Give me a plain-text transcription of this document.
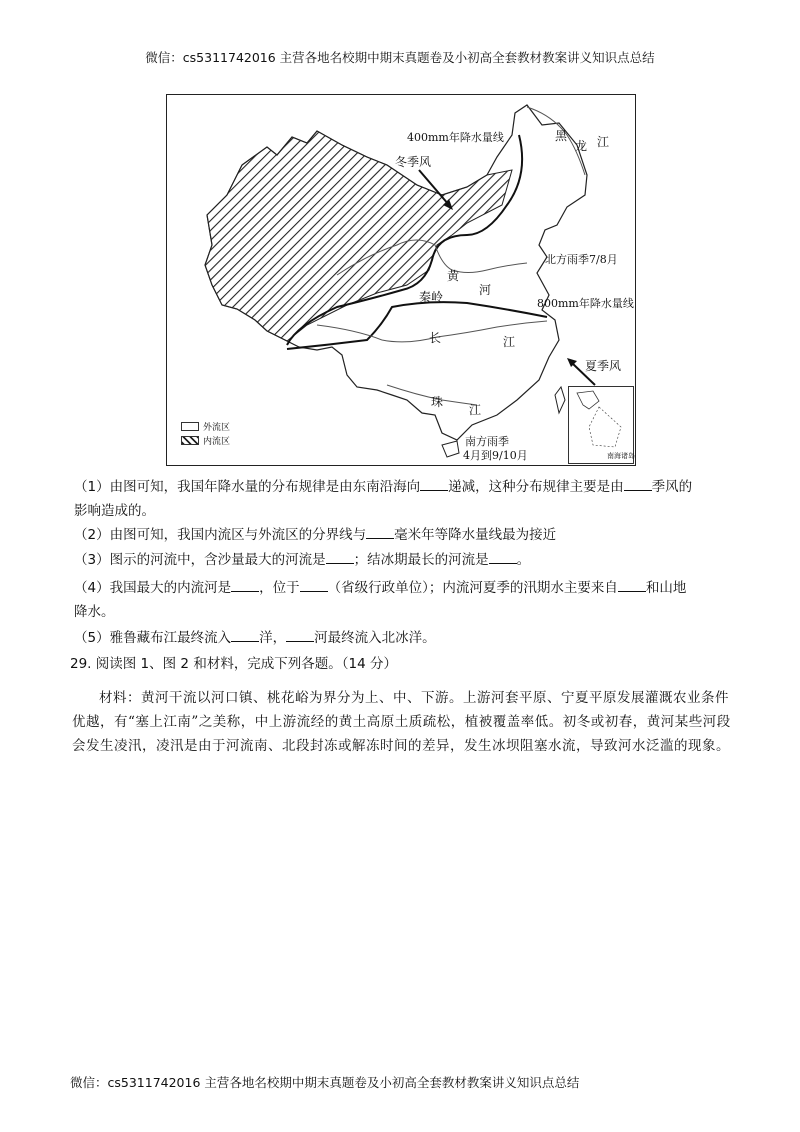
微信：cs5311742016 主营各地名校期中期末真题卷及小初高全套教材教案讲义知识点总结
400mm年降水量线
冬季风
黑
龙 江
北方雨季7/8月
黄
河
秦岭	800mm年降水量线
长	江
夏季风
珠
江
南方雨季
4月到9/10月
外流区
内流区
南海诸岛
（1）由图可知，我国年降水量的分布规律是由东南沿海向 递减，这种分布规律主要是由 季风的
影响造成的。
（2）由图可知，我国内流区与外流区的分界线与 毫米年等降水量线最为接近
（3）图示的河流中，含沙量最大的河流是 ；结冰期最长的河流是 。
（4）我国最大的内流河是 ，位于 （省级行政单位）；内流河夏季的汛期水主要来自 和山地
降水。
（5）雅鲁藏布江最终流入 洋， 河最终流入北冰洋。
29. 阅读图 1、图 2 和材料，完成下列各题。（14 分）
材料：黄河干流以河口镇、桃花峪为界分为上、中、下游。上游河套平原、宁夏平原发展灌溉农业条件优越，有“塞上江南”之美称，中上游流经的黄土高原土质疏松，植被覆盖率低。初冬或初春，黄河某些河段会发生凌汛，凌汛是由于河流南、北段封冻或解冻时间的差异，发生冰坝阻塞水流，导致河水泛滥的现象。
微信：cs5311742016 主营各地名校期中期末真题卷及小初高全套教材教案讲义知识点总结
